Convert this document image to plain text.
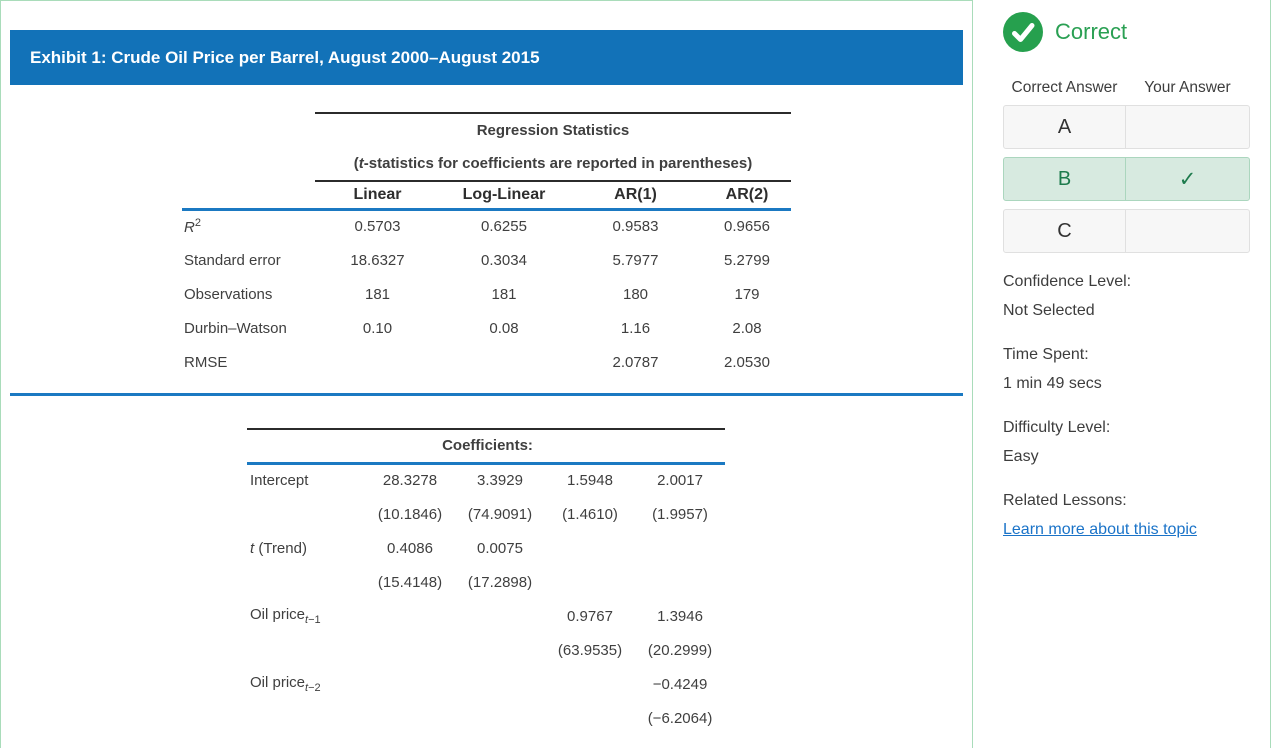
Exhibit 1: Crude Oil Price per Barrel, August 2000–August 2015
	Regression Statistics			
	(t-statistics for coefficients are reported in parentheses)			
	Linear	Log-Linear	AR(1)	AR(2)
$R^2$	0.5703	0.6255	0.9583	0.9656
Standard error	18.6327	0.3034	5.7977	5.2799
Observations	181	181	180	179
Durbin–Watson	0.10	0.08	1.16	2.08
RMSE			2.0787	2.0530
Coefficients:				
Intercept	28.3278	3.3929	1.5948	2.0017
	(10.1846)	(74.9091)	(1.4610)	(1.9957)
t (Trend)	0.4086	0.0075		
	(15.4148)	(17.2898)		
Oil price$_{t-1}$			0.9767	1.3946
			(63.9535)	(20.2999)
Oil price$_{t-2}$				−0.4249
				(−6.2064)
Correct
Correct Answer	Your Answer
A
B	✓
C
Confidence Level:
Not Selected
Time Spent:
1 min 49 secs
Difficulty Level:
Easy
Related Lessons:
Learn more about this topic
